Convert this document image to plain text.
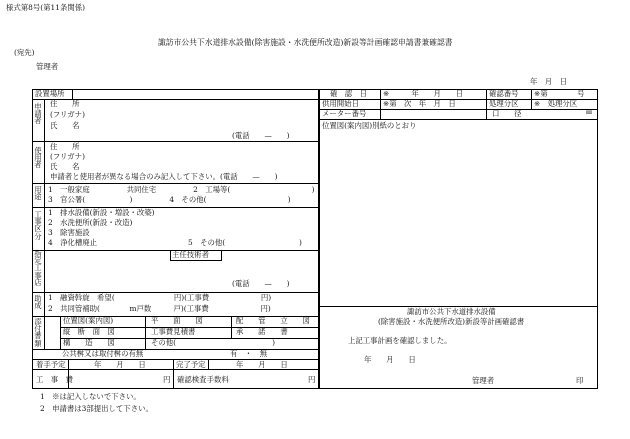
様式第8号(第11条関係)
諏訪市公共下水道排水設備(除害施設・水洗便所改造)新設等計画確認申請書兼確認書
(宛先)
管理者
年　月　日
設置場所
申請者
住　　所
(フリガナ)
氏　　名
(電話　　—　　)
使用者
住　　所
(フリガナ)
氏　　名
申請者と使用者が異なる場合のみ記入して下さい。(電話　　—　　)
用途
1　一般家庭　　　　　共同住宅　　　　　2　工場等(　　　　　　　　　　　)
3　官公署(　　　　　　)　　　　　4　その他(　　　　　　　　　　　)
工事区分
1　排水設備(新設・増設・改築)
2　水洗便所(新設・改造)
3　除害施設
4　浄化槽廃止	5　その他(　　　　　　　　　　)
指定工事店
主任技術者
(電話　　—　　)
助成
1　融資斡旋　希望(　　　　　　　　円)(工事費　　　　　　　円)
2　共同管補助(　　　　m戸数　　　戸)(工事費　　　　　　　円)
添付書類
位置図(案内図)	平　　面　　図	配　　管　　立　　図
縦　断　面　図	工事費見積書	承　　諾　　書
構　　造　　図	その他(　　　　　　　　　　　　　)
公共桝又は取付桝の有無	有　・　無
着手予定	年　　月　　日	完了予定	年　　月　　日
工　事　費	円 確認検査手数料	円
確　認　日 ※　　　年　　月　　日	確認番号 ※第　　　　号
供用開始日	※第　次　年　月　日	処理分区 ※　処理分区
メーター番号	口　　径	㎜
位置図(案内図)別紙のとおり
諏訪市公共下水道排水設備
(除害施設・水洗便所改造)新設等計画確認書
上記工事計画を確認しました。
年　　月　　日
管理者	印
1　※は記入しないで下さい。
2　申請書は3部提出して下さい。
